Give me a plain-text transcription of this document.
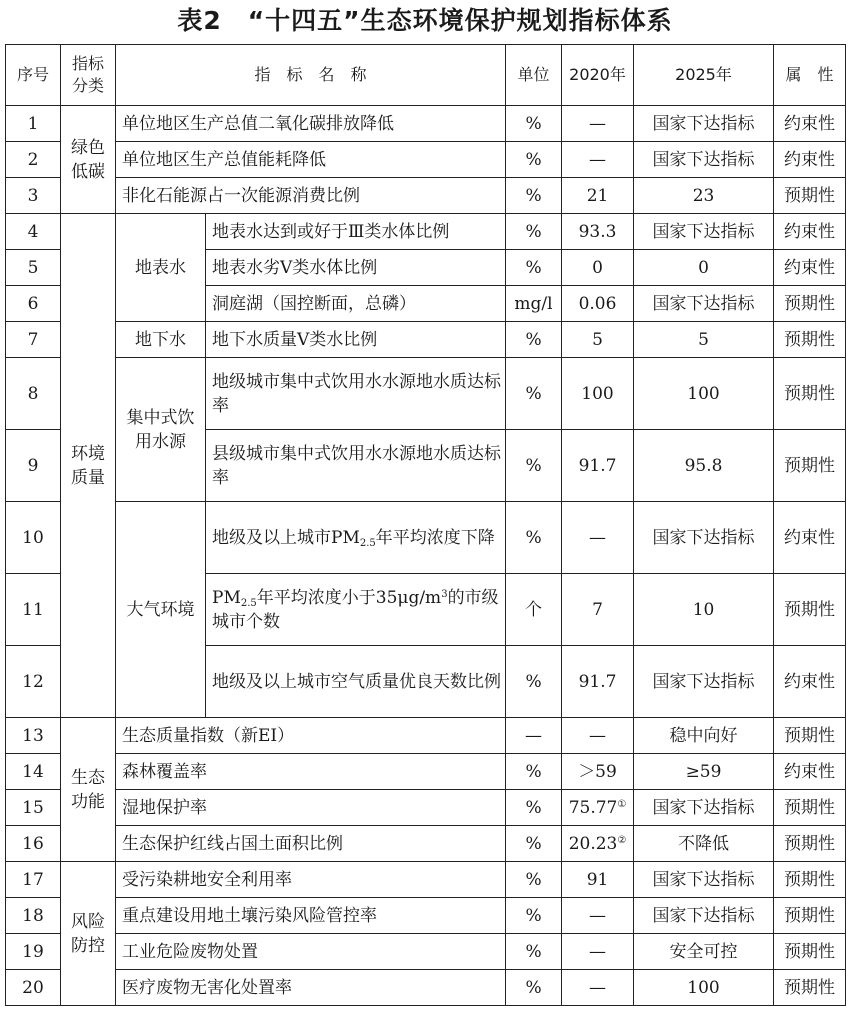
表2　“十四五”生态环境保护规划指标体系
序号	指标分类	指　标　名　称		单位	2020年	2025年	属　性
1	绿色低碳	单位地区生产总值二氧化碳排放降低		%	—	国家下达指标	约束性
2		单位地区生产总值能耗降低		%	—	国家下达指标	约束性
3		非化石能源占一次能源消费比例		%	21	23	预期性
4	环境质量	地表水	地表水达到或好于Ⅲ类水体比例	%	93.3	国家下达指标	约束性
5			地表水劣Ⅴ类水体比例	%	0	0	约束性
6			洞庭湖（国控断面，总磷）	mg/l	0.06	国家下达指标	预期性
7		地下水	地下水质量Ⅴ类水比例	%	5	5	预期性
8		集中式饮用水源	地级城市集中式饮用水水源地水质达标率	%	100	100	预期性
9			县级城市集中式饮用水水源地水质达标率	%	91.7	95.8	预期性
10		大气环境	地级及以上城市$PM_{2.5}$年平均浓度下降	%	—	国家下达指标	约束性
11			$PM_{2.5}$年平均浓度小于$35\mu g/m^3$的市级城市个数	个	7	10	预期性
12			地级及以上城市空气质量优良天数比例	%	91.7	国家下达指标	约束性
13	生态功能	生态质量指数（新EI）		—	—	稳中向好	预期性
14		森林覆盖率		%	＞59	≥59	约束性
15		湿地保护率		%	75.77①	国家下达指标	预期性
16		生态保护红线占国土面积比例		%	20.23②	不降低	预期性
17	风险防控	受污染耕地安全利用率		%	91	国家下达指标	预期性
18		重点建设用地土壤污染风险管控率		%	—	国家下达指标	预期性
19		工业危险废物处置		%	—	安全可控	预期性
20		医疗废物无害化处置率		%	—	100	预期性
